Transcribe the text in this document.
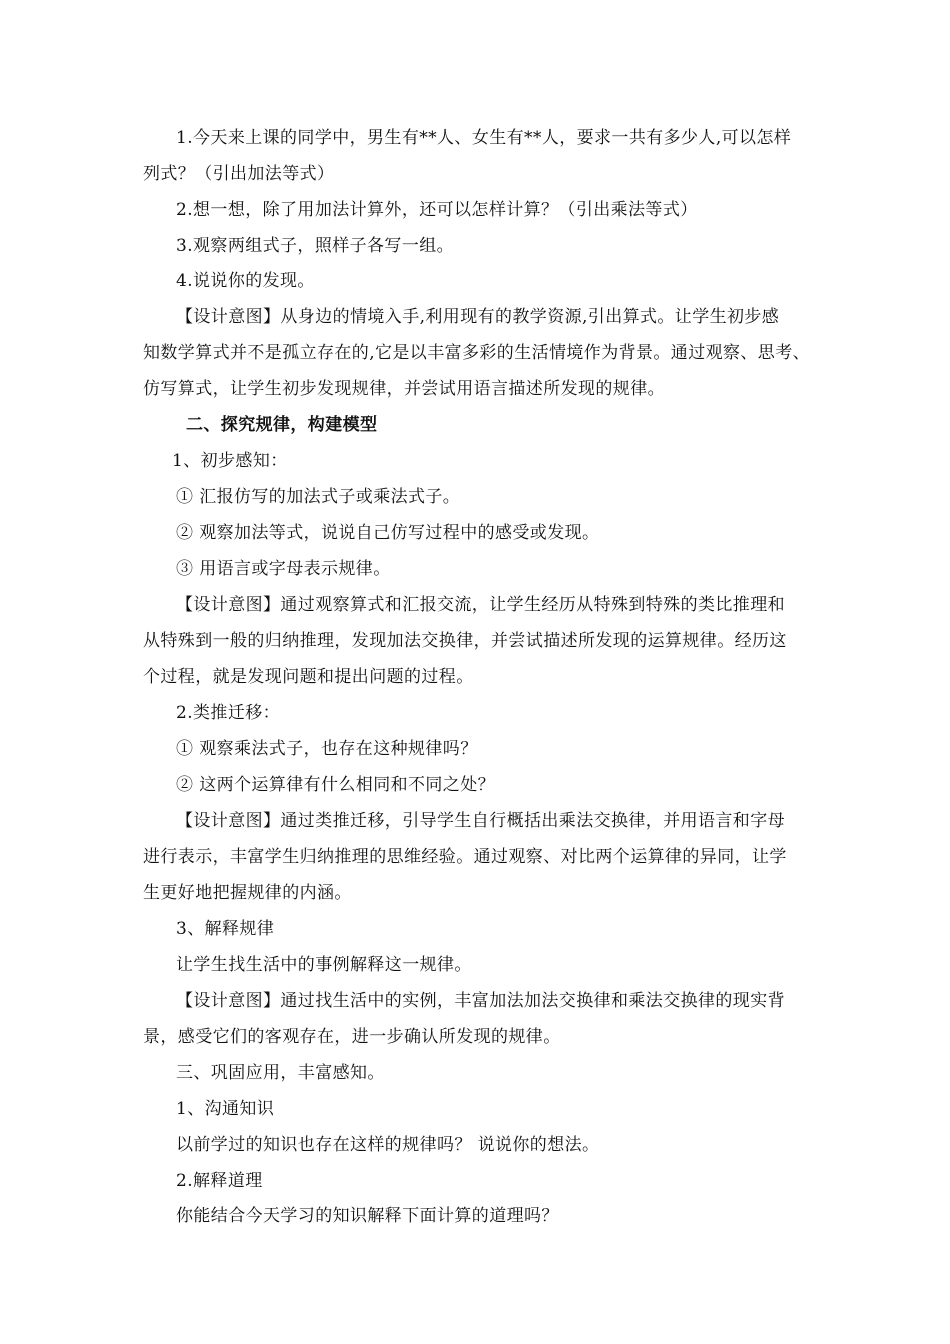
1.今天来上课的同学中，男生有**人、女生有**人，要求一共有多少人,可以怎样
列式？（引出加法等式）
2.想一想，除了用加法计算外，还可以怎样计算？（引出乘法等式）
3.观察两组式子，照样子各写一组。
4.说说你的发现。
【设计意图】从身边的情境入手,利用现有的教学资源,引出算式。让学生初步感
知数学算式并不是孤立存在的,它是以丰富多彩的生活情境作为背景。通过观察、思考、
仿写算式，让学生初步发现规律，并尝试用语言描述所发现的规律。
二、探究规律，构建模型
1、初步感知：
① 汇报仿写的加法式子或乘法式子。
② 观察加法等式，说说自己仿写过程中的感受或发现。
③ 用语言或字母表示规律。
【设计意图】通过观察算式和汇报交流，让学生经历从特殊到特殊的类比推理和
从特殊到一般的归纳推理，发现加法交换律，并尝试描述所发现的运算规律。经历这
个过程，就是发现问题和提出问题的过程。
2.类推迁移：
① 观察乘法式子，也存在这种规律吗？
② 这两个运算律有什么相同和不同之处？
【设计意图】通过类推迁移，引导学生自行概括出乘法交换律，并用语言和字母
进行表示，丰富学生归纳推理的思维经验。通过观察、对比两个运算律的异同，让学
生更好地把握规律的内涵。
3、解释规律
让学生找生活中的事例解释这一规律。
【设计意图】通过找生活中的实例，丰富加法加法交换律和乘法交换律的现实背
景，感受它们的客观存在，进一步确认所发现的规律。
三、巩固应用，丰富感知。
1、沟通知识
以前学过的知识也存在这样的规律吗？ 说说你的想法。
2.解释道理
你能结合今天学习的知识解释下面计算的道理吗？
